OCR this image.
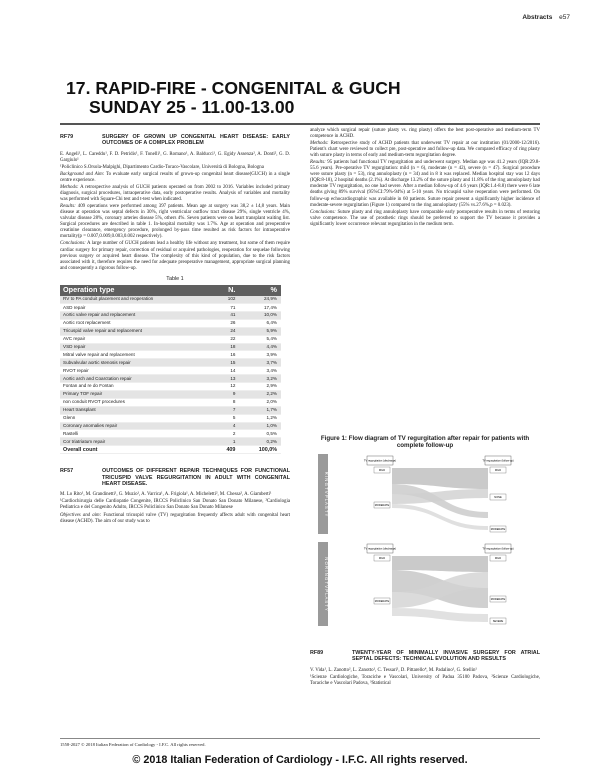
Abstracts e57
17. RAPID-FIRE - CONGENITAL & GUCH
SUNDAY 25 - 11.00-13.00
RF79	SURGERY OF GROWN UP CONGENITAL HEART DISEASE: EARLY OUTCOMES OF A COMPLEX PROBLEM

E. Angeli¹, L. Careddu¹, F. D. Petridis¹, F. Tonelli¹, G. Romano¹, A. Balducci¹, G. Egidy Assenza², A. Donti², G. D. Gargiulo¹

¹Policlinico S.Orsola-Malpighi, Dipartimento Cardio-Toraco-Vascolare, Università di Bologna, Bologna

Background and Aim: To evaluate early surgical results of grown-up congenital heart disease(GUCH) in a single centre experience.

Methods: A retrospective analysis of GUCH patients operated on from 2002 to 2016. Variables included primary diagnosis, surgical procedures, intraoperative data, early postoperative results. Analysis of variables and mortality was performed with Square-Chi test and t-test when indicated.

Results: 409 operations were performed among 397 patients. Mean age at surgery was 38,2 ± 14,8 years. Main disease at operation was septal defects in 30%, right ventricular outflow tract disease 29%, single ventricle 4%, valvular disease 28%, coronary arteries disease 5%, others 4%. Seven patients were on heart transplant waiting list. Surgical procedures are described in table 1. In-hospital mortality was 1.7%. Age at operation and preoperative creatinine clearance, emergency procedure, prolonged by-pass time resulted as risk factors for intraoperative mortality(p = 0.007,0.009,0.003,0.002 respectively).

Conclusions: A large number of GUCH patients lead a healthy life without any treatment, but some of them require cardiac surgery for primary repair, correction of residual or acquired pathologies, reoperation for sequelae following previous surgery or acquired heart disease. The complexity of this kind of population, due to the risk factors associated with it, therefore requires the need for adequate preoperative management, appropriate surgical planning and consequently a rigorous follow-up.

Table 1
Operation type	N.	%
RV to PA conduit placement and reoperation	102	24,9%
ASD repair	71	17,4%
Aortic valve repair and replacement	41	10,0%
Aortic root replacement	26	6,4%
Tricuspid valve repair and replacement	24	5,9%
AVC repair	22	5,4%
VSD repair	18	4,4%
Mitral valve repair and replacement	16	3,9%
Subvalvular aortic stenosis repair	15	3,7%
RVOT repair	14	3,4%
Aortic arch and Coarctation repair	13	3,2%
Fontan and re do Fontan	12	2,9%
Primary TOF repair	9	2,2%
non conduit RVOT procedures	8	2,0%
Heart transplant	7	1,7%
Glenn	5	1,2%
Coronary anomalies repair	4	1,0%
Rastelli	2	0,5%
Cor triatriatum repair	1	0,2%
Overall count	409	100,0%
RF57	OUTCOMES OF DIFFERENT REPAIR TECHNIQUES FOR FUNCTIONAL TRICUSPID VALVE REGURGITATION IN ADULT WITH CONGENITAL HEART DISEASE.

M. Lo Rito¹, M. Grandinetti¹, G. Muzio¹, A. Varrica¹, A. Frigiola¹, A. Micheletti², M. Chessa², A. Giamberti¹

¹Cardiochirurgia delle Cardiopatie Congenite, IRCCS Policlinico San Donato San Donato Milanese, ²Cardiologia Pediatrica e del Congenito Adulto, IRCCS Policlinico San Donato San Donato Milanese

Objectives and aim: Functional tricuspid valve (TV) regurgitation frequently affects adult with congenital heart disease (ACHD). The aim of our study was to

analyze which surgical repair (suture plasty vs. ring plasty) offers the best post-operative and medium-term TV competence in ACHD.

Methods: Retrospective study of ACHD patients that underwent TV repair at our institution (01/2000-12/2016). Patient's chart were reviewed to collect pre, post-operative and follow-up data. We compared efficacy of ring plasty with suture plasty in terms of early and medium-term regurgitation degree.

Results: 95 patients had functional TV regurgitation and underwent surgery. Median age was 41.2 years (IQR:29.8-55.6 years). Pre-operative TV regurgitation: mild (n = 6), moderate (n = 42), severe (n = 47). Surgical procedure were suture plasty (n = 53), ring annuloplasty (n = 34) and in 8 it was replaced. Median hospital stay was 12 days (IQR:8-18), 2 hospital deaths (2.1%). At discharge 13.2% of the suture plasty and 11.8% of the ring annuloplasty had moderate TV regurgitation, no one had severe. After a median follow-up of 4.6 years (IQR:1.4-8.8) there were 6 late deaths giving 89% survival (95%CI:79%-94%) at 5-10 years. No tricuspid valve reoperation were performed. On follow-up echocardiographic was available in 60 patients. Suture repair present a significantly higher incidence of moderate-severe regurgitation (Figure 1) compared to the ring annuloplasty (55% vs.27.6%,p = 0.023).

Conclusions: Suture plasty and ring annuloplasty have comparable early postoperative results in terms of restoring valve competence. The use of prosthetic rings should be preferred to support the TV because it provides a significantly lower occurrence relevant regurgitation in the medium term.

Figure 1: Flow diagram of TV regurgitation after repair for patients with complete follow-up
R I N G T V P L A S T Y
TV regurgitation (discharge)	TV regurgitation (follow-up)
MILD
MODERATE
MILD
NONE
MODERATE
N O R I N G T V P L A S T Y
TV regurgitation (discharge)	TV regurgitation (follow-up)
MILD
MODERATE
MILD
MODERATE
SEVERE
RF89	TWENTY-YEAR OF MINIMALLY INVASIVE SURGERY FOR ATRIAL SEPTAL DEFECTS: TECHNICAL EVOLUTION AND RESULTS

V. Vida¹, L. Zanotto², L. Zanotto¹, C. Tessari¹, D. Pittarello⁴, M. Padalino¹, G. Stellin¹

¹Scienze Cardiologiche, Toraciche e Vascolari, University of Padua 35100 Padova, ²Scienze Cardiologiche, Toraciche e Vascolari Padova, ³Statistical

1558-2027 © 2018 Italian Federation of Cardiology - I.F.C. All rights reserved.
© 2018 Italian Federation of Cardiology - I.F.C. All rights reserved.
